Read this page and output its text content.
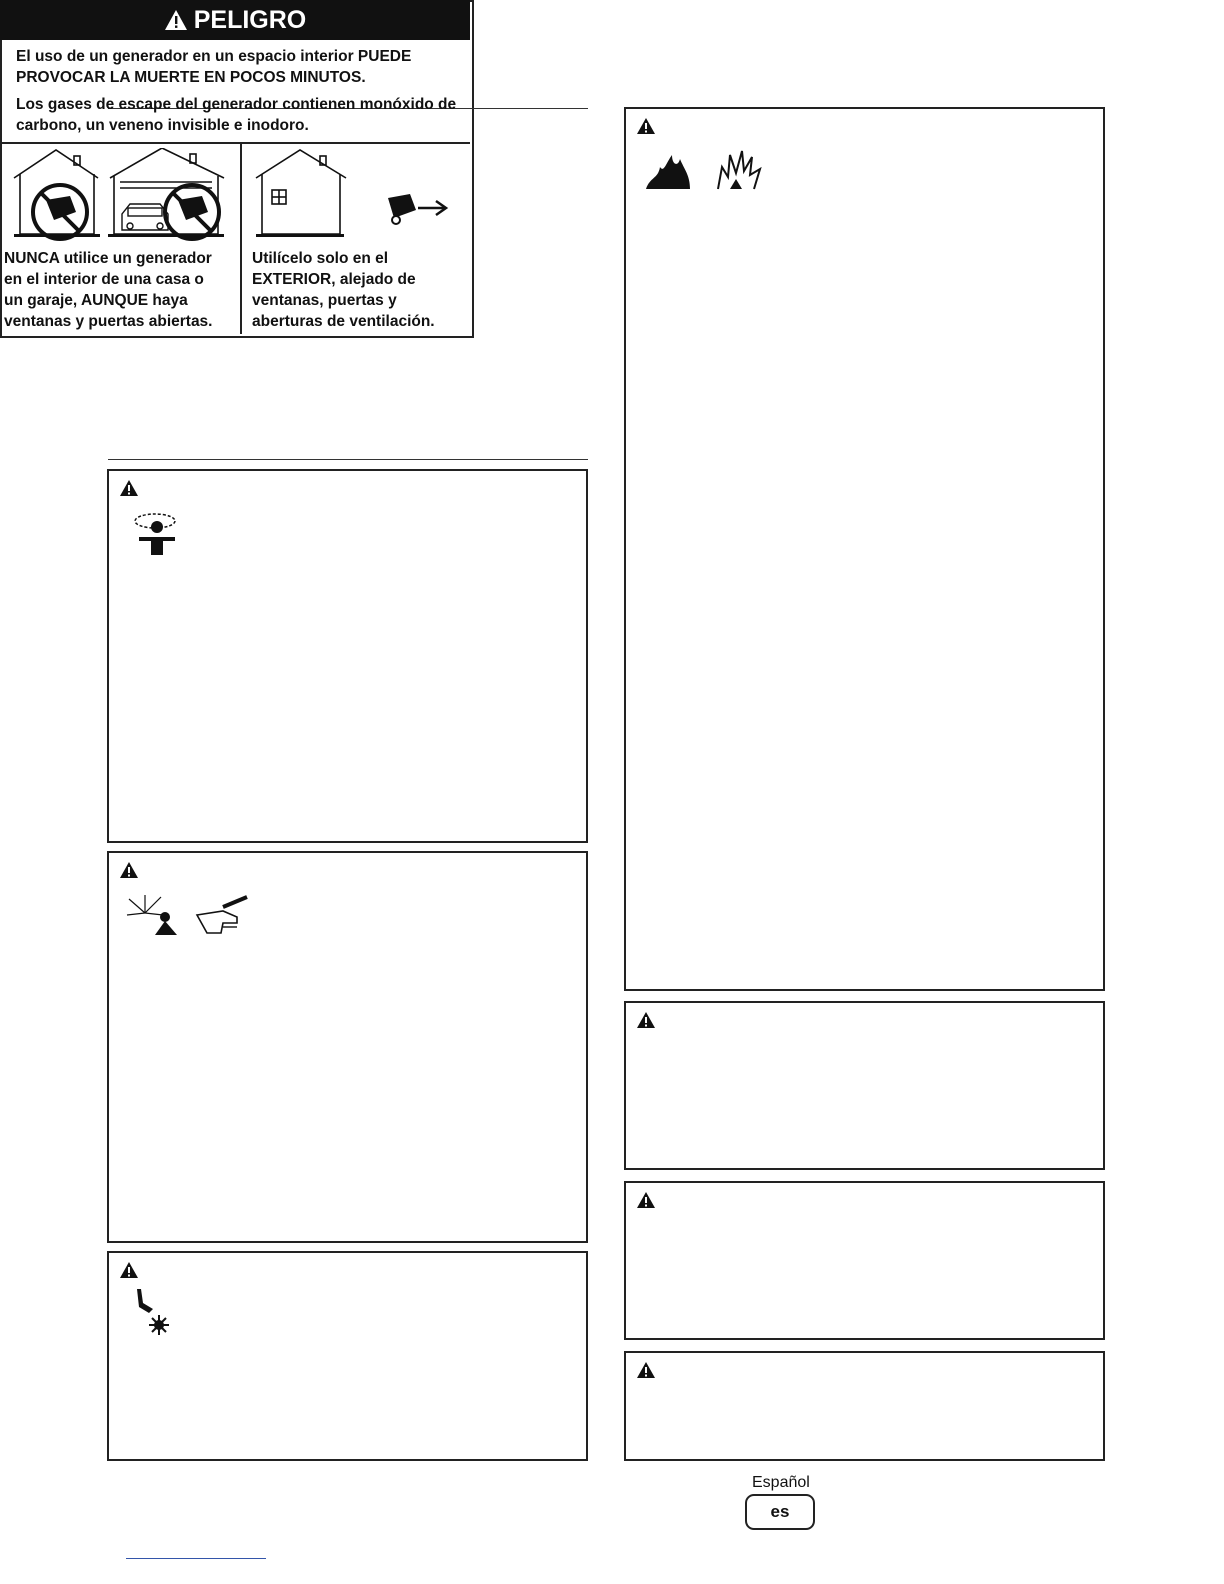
PELIGRO

El uso de un generador en un espacio interior PUEDE PROVOCAR LA MUERTE EN POCOS MINUTOS.

Los gases de escape del generador contienen monóxido de carbono, un veneno invisible e inodoro.

NUNCA utilice un generador
en el interior de una casa o
un garaje, AUNQUE haya
ventanas y puertas abiertas.
Utilícelo solo en el
EXTERIOR, alejado de
ventanas, puertas y
aberturas de ventilación.
Español
es
